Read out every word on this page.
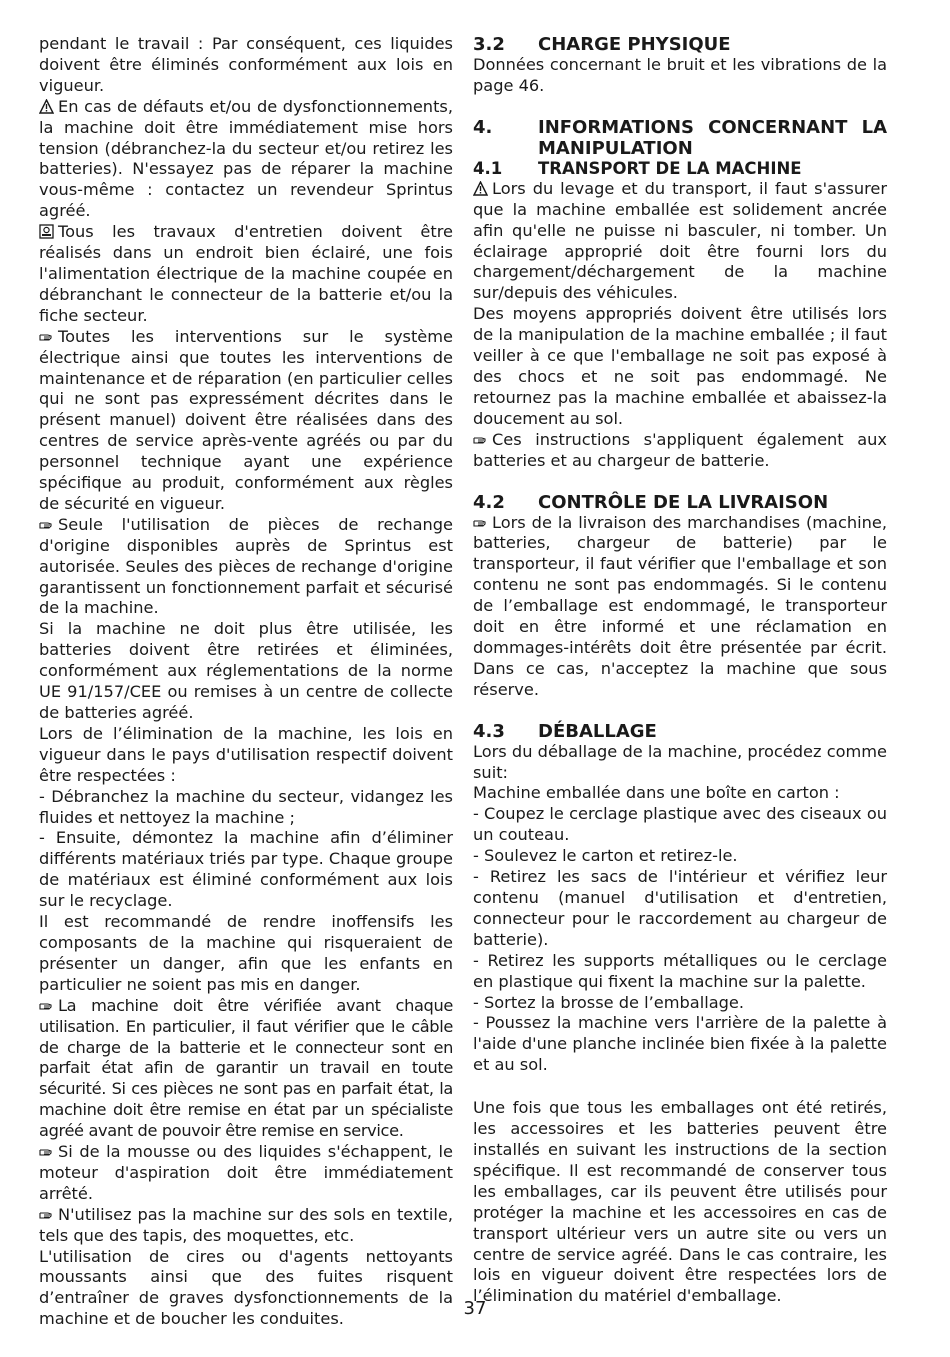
pendant le travail : Par conséquent, ces liquides doivent être éliminés conformément aux lois en vigueur.

En cas de défauts et/ou de dysfonctionnements, la machine doit être immédiatement mise hors tension (débranchez-la du secteur et/ou retirez les batteries). N'essayez pas de réparer la machine vous-même : contactez un revendeur Sprintus agréé.

Tous les travaux d'entretien doivent être réalisés dans un endroit bien éclairé, une fois l'alimentation électrique de la machine coupée en débranchant le connecteur de la batterie et/ou la fiche secteur.

Toutes les interventions sur le système électrique ainsi que toutes les interventions de maintenance et de réparation (en particulier celles qui ne sont pas expressément décrites dans le présent manuel) doivent être réalisées dans des centres de service après-vente agréés ou par du personnel technique ayant une expérience spécifique au produit, conformément aux règles de sécurité en vigueur.

Seule l'utilisation de pièces de rechange d'origine disponibles auprès de Sprintus est autorisée. Seules des pièces de rechange d'origine garantissent un fonctionnement parfait et sécurisé de la machine.

Si la machine ne doit plus être utilisée, les batteries doivent être retirées et éliminées, conformément aux réglementations de la norme UE 91/157/CEE ou remises à un centre de collecte de batteries agréé.

Lors de l’élimination de la machine, les lois en vigueur dans le pays d'utilisation respectif doivent être respectées :

- Débranchez la machine du secteur, vidangez les fluides et nettoyez la machine ;

- Ensuite, démontez la machine afin d’éliminer différents matériaux triés par type. Chaque groupe de matériaux est éliminé conformément aux lois sur le recyclage.

Il est recommandé de rendre inoffensifs les composants de la machine qui risqueraient de présenter un danger, afin que les enfants en particulier ne soient pas mis en danger.

La machine doit être vérifiée avant chaque utilisation. En particulier, il faut vérifier que le câble de charge de la batterie et le connecteur sont en parfait état afin de garantir un travail en toute sécurité. Si ces pièces ne sont pas en parfait état, la machine doit être remise en état par un spécialiste agréé avant de pouvoir être remise en service.

Si de la mousse ou des liquides s'échappent, le moteur d'aspiration doit être immédiatement arrêté.

N'utilisez pas la machine sur des sols en textile, tels que des tapis, des moquettes, etc.

L'utilisation de cires ou d'agents nettoyants moussants ainsi que des fuites risquent d’entraîner de graves dysfonctionnements de la machine et de boucher les conduites.

3.2	CHARGE PHYSIQUE

Données concernant le bruit et les vibrations de la page 46.

4.	INFORMATIONS CONCERNANT LA MANIPULATION
4.1	TRANSPORT DE LA MACHINE

Lors du levage et du transport, il faut s'assurer que la machine emballée est solidement ancrée afin qu'elle ne puisse ni basculer, ni tomber. Un éclairage approprié doit être fourni lors du chargement/déchargement de la machine sur/depuis des véhicules.

Des moyens appropriés doivent être utilisés lors de la manipulation de la machine emballée ; il faut veiller à ce que l'emballage ne soit pas exposé à des chocs et ne soit pas endommagé. Ne retournez pas la machine emballée et abaissez-la doucement au sol.

Ces instructions s'appliquent également aux batteries et au chargeur de batterie.

4.2	CONTRÔLE DE LA LIVRAISON

Lors de la livraison des marchandises (machine, batteries, chargeur de batterie) par le transporteur, il faut vérifier que l'emballage et son contenu ne sont pas endommagés. Si le contenu de l’emballage est endommagé, le transporteur doit en être informé et une réclamation en dommages-intérêts doit être présentée par écrit. Dans ce cas, n'acceptez la machine que sous réserve.

4.3	DÉBALLAGE

Lors du déballage de la machine, procédez comme suit:

Machine emballée dans une boîte en carton :

- Coupez le cerclage plastique avec des ciseaux ou un couteau.

- Soulevez le carton et retirez-le.

- Retirez les sacs de l'intérieur et vérifiez leur contenu (manuel d'utilisation et d'entretien, connecteur pour le raccordement au chargeur de batterie).

- Retirez les supports métalliques ou le cerclage en plastique qui fixent la machine sur la palette.

- Sortez la brosse de l’emballage.

- Poussez la machine vers l'arrière de la palette à l'aide d'une planche inclinée bien fixée à la palette et au sol.

Une fois que tous les emballages ont été retirés, les accessoires et les batteries peuvent être installés en suivant les instructions de la section spécifique. Il est recommandé de conserver tous les emballages, car ils peuvent être utilisés pour protéger la machine et les accessoires en cas de transport ultérieur vers un autre site ou vers un centre de service agréé. Dans le cas contraire, les lois en vigueur doivent être respectées lors de l’élimination du matériel d'emballage.

37
